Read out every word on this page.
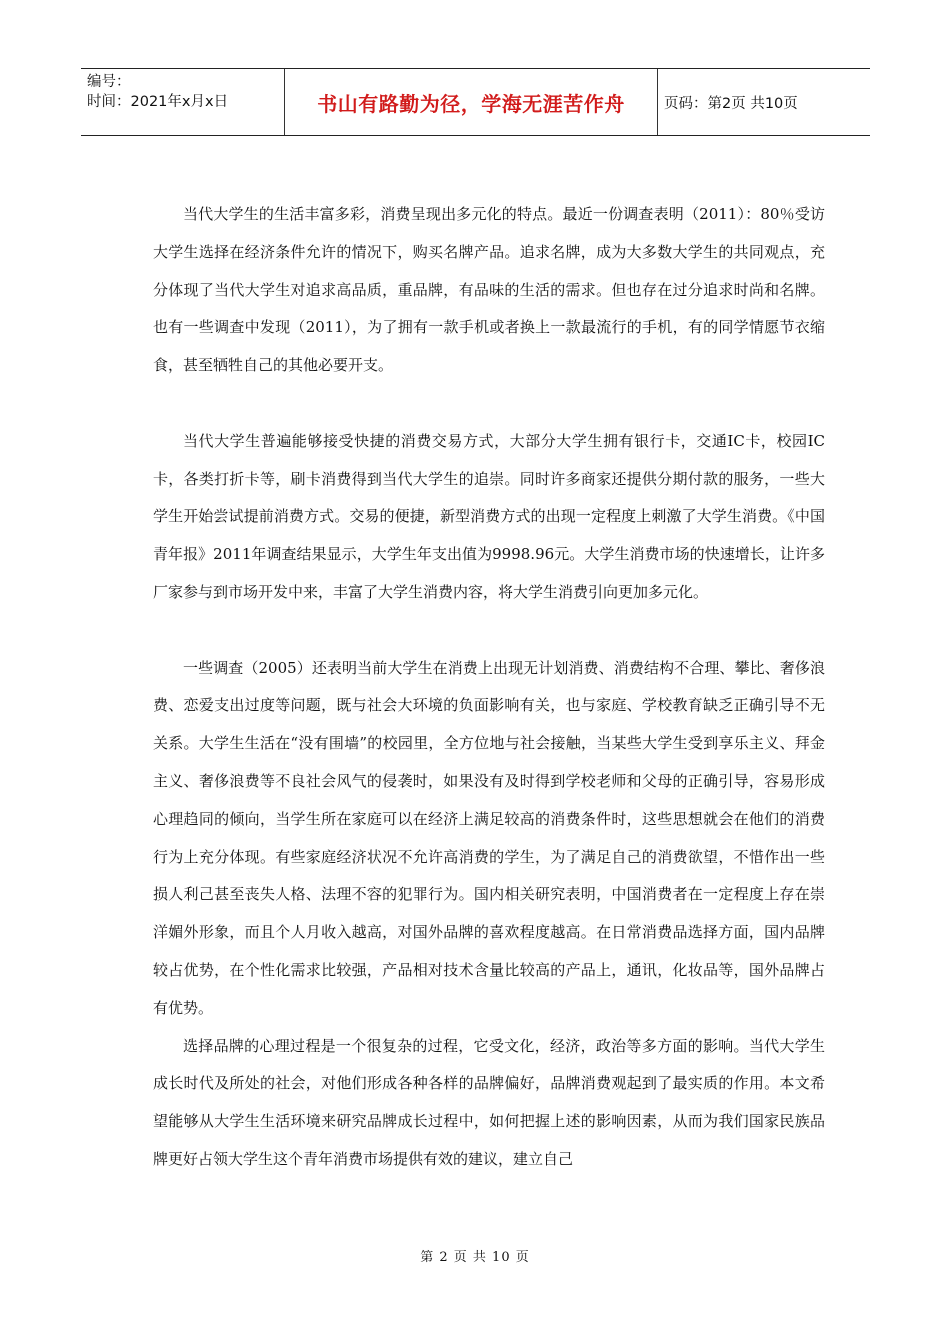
编号：
时间：2021年x月x日	书山有路勤为径，学海无涯苦作舟	页码：第2页 共10页

当代大学生的生活丰富多彩，消费呈现出多元化的特点。最近一份调查表明（2011）：80％受访大学生选择在经济条件允许的情况下，购买名牌产品。追求名牌，成为大多数大学生的共同观点，充分体现了当代大学生对追求高品质，重品牌，有品味的生活的需求。但也存在过分追求时尚和名牌。也有一些调查中发现（2011），为了拥有一款手机或者换上一款最流行的手机，有的同学情愿节衣缩食，甚至牺牲自己的其他必要开支。

当代大学生普遍能够接受快捷的消费交易方式，大部分大学生拥有银行卡，交通IC卡，校园IC卡，各类打折卡等，刷卡消费得到当代大学生的追崇。同时许多商家还提供分期付款的服务，一些大学生开始尝试提前消费方式。交易的便捷，新型消费方式的出现一定程度上刺激了大学生消费。《中国青年报》2011年调查结果显示，大学生年支出值为9998.96元。大学生消费市场的快速增长，让许多厂家参与到市场开发中来，丰富了大学生消费内容，将大学生消费引向更加多元化。

一些调查（2005）还表明当前大学生在消费上出现无计划消费、消费结构不合理、攀比、奢侈浪费、恋爱支出过度等问题，既与社会大环境的负面影响有关，也与家庭、学校教育缺乏正确引导不无关系。大学生生活在“没有围墙”的校园里，全方位地与社会接触，当某些大学生受到享乐主义、拜金主义、奢侈浪费等不良社会风气的侵袭时，如果没有及时得到学校老师和父母的正确引导，容易形成心理趋同的倾向，当学生所在家庭可以在经济上满足较高的消费条件时，这些思想就会在他们的消费行为上充分体现。有些家庭经济状况不允许高消费的学生，为了满足自己的消费欲望，不惜作出一些损人利己甚至丧失人格、法理不容的犯罪行为。国内相关研究表明，中国消费者在一定程度上存在崇洋媚外形象，而且个人月收入越高，对国外品牌的喜欢程度越高。在日常消费品选择方面，国内品牌较占优势，在个性化需求比较强，产品相对技术含量比较高的产品上，通讯，化妆品等，国外品牌占有优势。

选择品牌的心理过程是一个很复杂的过程，它受文化，经济，政治等多方面的影响。当代大学生成长时代及所处的社会，对他们形成各种各样的品牌偏好，品牌消费观起到了最实质的作用。本文希望能够从大学生生活环境来研究品牌成长过程中，如何把握上述的影响因素，从而为我们国家民族品牌更好占领大学生这个青年消费市场提供有效的建议，建立自己

第 2 页 共 10 页
